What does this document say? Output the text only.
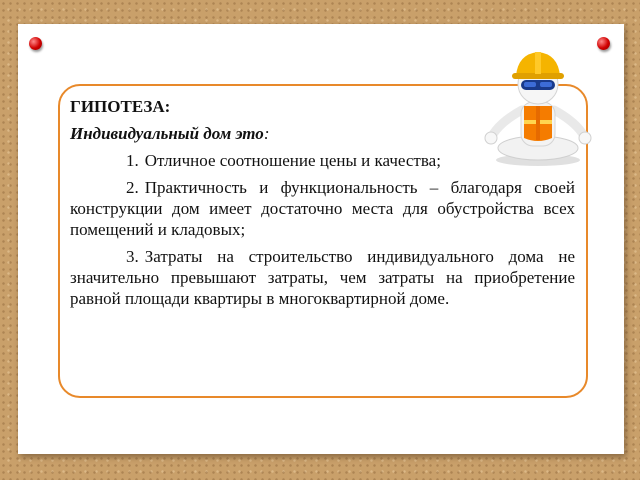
ГИПОТЕЗА:

Индивидуальный дом это:

1. Отличное соотношение цены и качества;

2. Практичность и функциональность – благодаря своей конструкции дом имеет достаточно места для обустройства всех помещений и кладовых;

3. Затраты на строительство индивидуального дома не значительно превышают затраты, чем затраты на приобретение равной площади квартиры в многоквартирной доме.
